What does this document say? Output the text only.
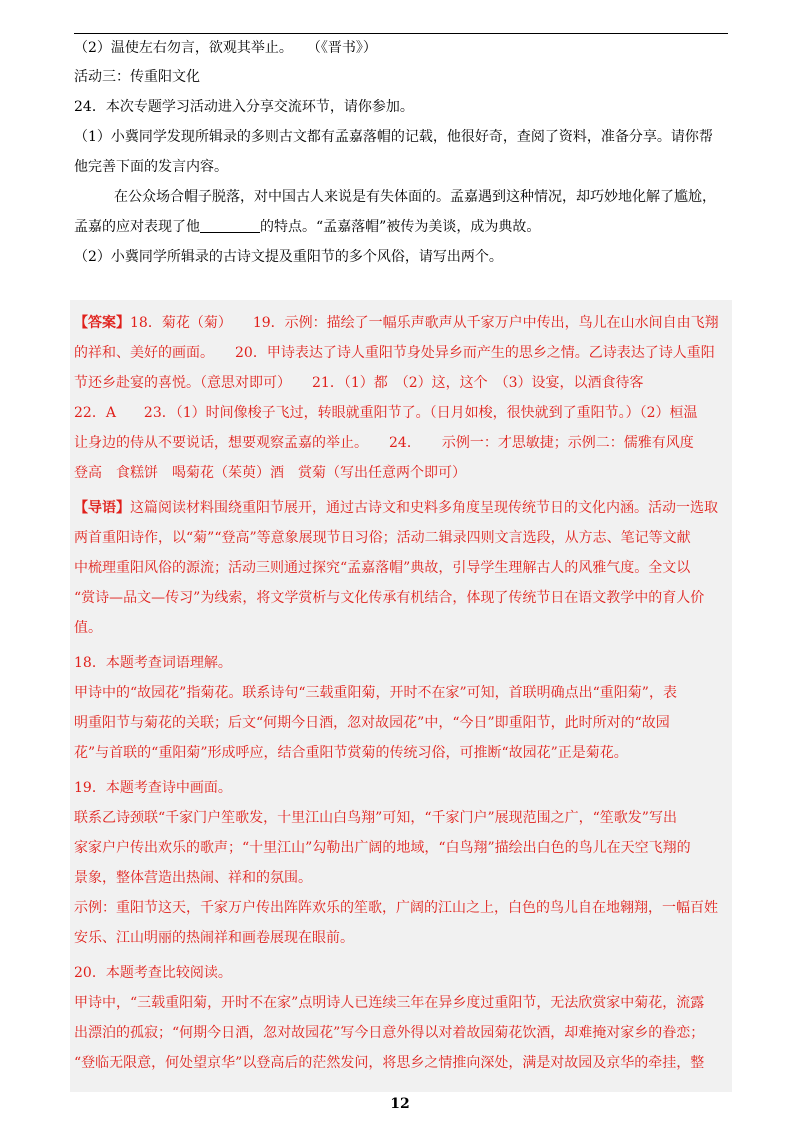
（2）温使左右勿言，欲观其举止。　　（《晋书》）
活动三：传重阳文化
24．本次专题学习活动进入分享交流环节，请你参加。
（1）小冀同学发现所辑录的多则古文都有孟嘉落帽的记载，他很好奇，查阅了资料，准备分享。请你帮
他完善下面的发言内容。
在公众场合帽子脱落，对中国古人来说是有失体面的。孟嘉遇到这种情况，却巧妙地化解了尴尬，
孟嘉的应对表现了他	的特点。“孟嘉落帽”被传为美谈，成为典故。
（2）小冀同学所辑录的古诗文提及重阳节的多个风俗，请写出两个。
【答案】18．菊花（菊）　　19．示例：描绘了一幅乐声歌声从千家万户中传出，鸟儿在山水间自由飞翔
的祥和、美好的画面。　　20．甲诗表达了诗人重阳节身处异乡而产生的思乡之情。乙诗表达了诗人重阳
节还乡赴宴的喜悦。（意思对即可）　　21．（1）都　（2）这，这个　（3）设宴，以酒食待客
22．A　　23．（1）时间像梭子飞过，转眼就重阳节了。（日月如梭，很快就到了重阳节。）（2）桓温
让身边的侍从不要说话，想要观察孟嘉的举止。　　24．　　示例一：才思敏捷；示例二：儒雅有风度
登高　食糕饼　喝菊花（茱萸）酒　赏菊（写出任意两个即可）
【导语】这篇阅读材料围绕重阳节展开，通过古诗文和史料多角度呈现传统节日的文化内涵。活动一选取
两首重阳诗作，以“菊”“登高”等意象展现节日习俗；活动二辑录四则文言选段，从方志、笔记等文献
中梳理重阳风俗的源流；活动三则通过探究“孟嘉落帽”典故，引导学生理解古人的风雅气度。全文以
“赏诗—品文—传习”为线索，将文学赏析与文化传承有机结合，体现了传统节日在语文教学中的育人价
值。
18．本题考查词语理解。
甲诗中的“故园花”指菊花。联系诗句“三载重阳菊，开时不在家”可知，首联明确点出“重阳菊”，表
明重阳节与菊花的关联；后文“何期今日酒，忽对故园花”中，“今日”即重阳节，此时所对的“故园
花”与首联的“重阳菊”形成呼应，结合重阳节赏菊的传统习俗，可推断“故园花”正是菊花。
19．本题考查诗中画面。
联系乙诗颈联“千家门户笙歌发，十里江山白鸟翔”可知，“千家门户”展现范围之广，“笙歌发”写出
家家户户传出欢乐的歌声；“十里江山”勾勒出广阔的地域，“白鸟翔”描绘出白色的鸟儿在天空飞翔的
景象，整体营造出热闹、祥和的氛围。
示例：重阳节这天，千家万户传出阵阵欢乐的笙歌，广阔的江山之上，白色的鸟儿自在地翱翔，一幅百姓
安乐、江山明丽的热闹祥和画卷展现在眼前。
20．本题考查比较阅读。
甲诗中，“三载重阳菊，开时不在家”点明诗人已连续三年在异乡度过重阳节，无法欣赏家中菊花，流露
出漂泊的孤寂；“何期今日酒，忽对故园花”写今日意外得以对着故园菊花饮酒，却难掩对家乡的眷恋；
“登临无限意，何处望京华”以登高后的茫然发问，将思乡之情推向深处，满是对故园及京华的牵挂，整
12
